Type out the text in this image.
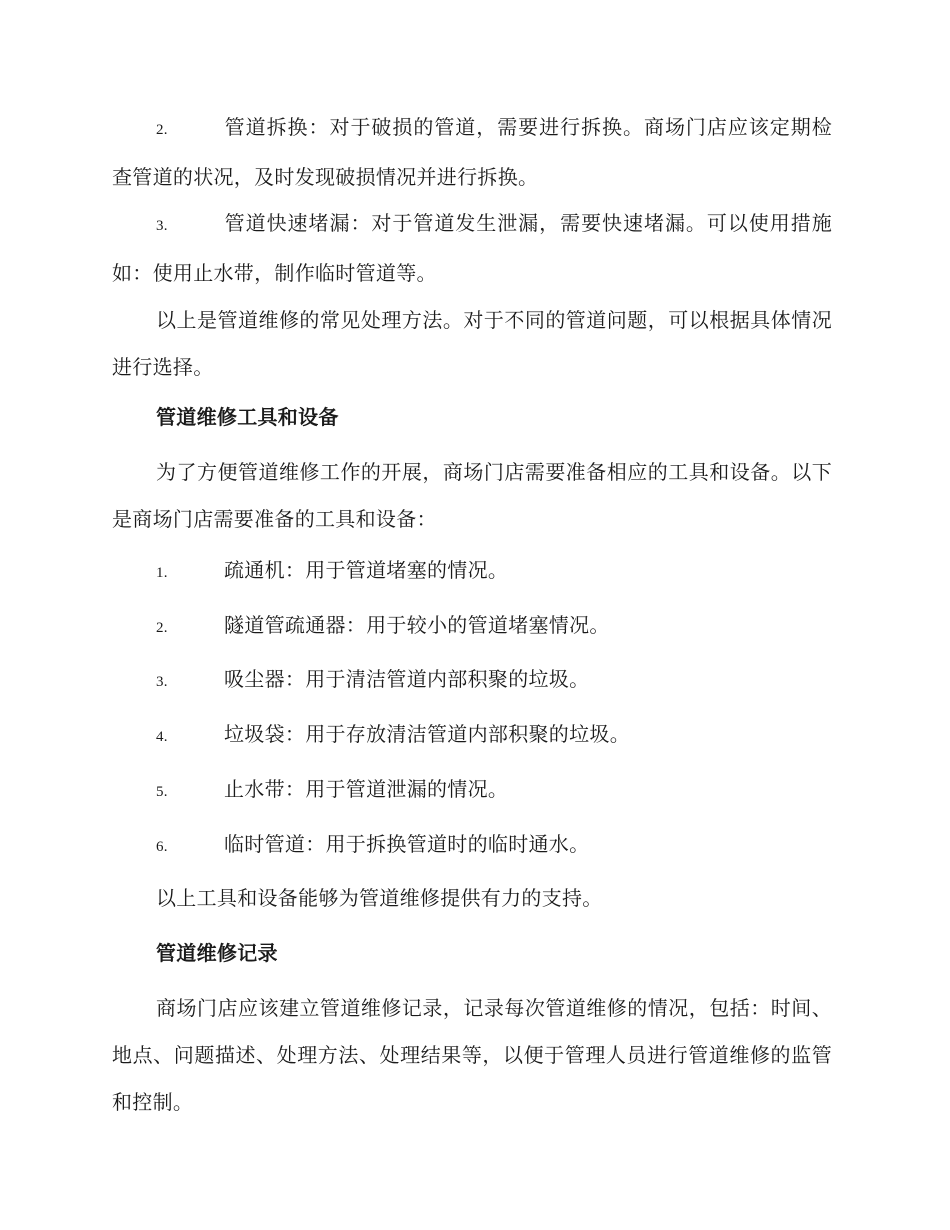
2.	管道拆换：对于破损的管道，需要进行拆换。商场门店应该定期检查管道的状况，及时发现破损情况并进行拆换。

3.	管道快速堵漏：对于管道发生泄漏，需要快速堵漏。可以使用措施如：使用止水带，制作临时管道等。

以上是管道维修的常见处理方法。对于不同的管道问题，可以根据具体情况进行选择。

管道维修工具和设备

为了方便管道维修工作的开展，商场门店需要准备相应的工具和设备。以下是商场门店需要准备的工具和设备：

1.	疏通机：用于管道堵塞的情况。

2.	隧道管疏通器：用于较小的管道堵塞情况。

3.	吸尘器：用于清洁管道内部积聚的垃圾。

4.	垃圾袋：用于存放清洁管道内部积聚的垃圾。

5.	止水带：用于管道泄漏的情况。

6.	临时管道：用于拆换管道时的临时通水。

以上工具和设备能够为管道维修提供有力的支持。

管道维修记录

商场门店应该建立管道维修记录，记录每次管道维修的情况，包括：时间、地点、问题描述、处理方法、处理结果等，以便于管理人员进行管道维修的监管和控制。
